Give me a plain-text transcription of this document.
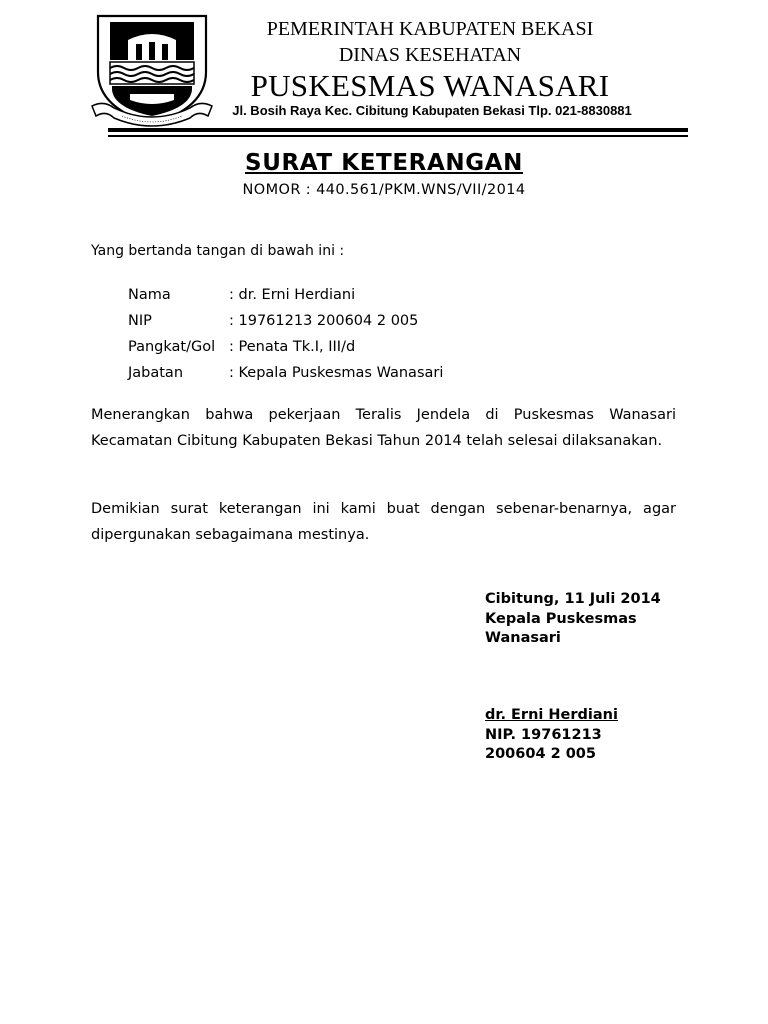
PEMERINTAH KABUPATEN BEKASI
DINAS KESEHATAN
PUSKESMAS WANASARI
Jl. Bosih Raya Kec. Cibitung Kabupaten Bekasi Tlp. 021-8830881
SURAT KETERANGAN
NOMOR : 440.561/PKM.WNS/VII/2014
Yang bertanda tangan di bawah ini :
Nama	: dr. Erni Herdiani
NIP	: 19761213 200604 2 005
Pangkat/Gol : Penata Tk.I, III/d
Jabatan	: Kepala Puskesmas Wanasari
Menerangkan bahwa pekerjaan Teralis Jendela di Puskesmas Wanasari Kecamatan Cibitung Kabupaten Bekasi Tahun 2014 telah selesai dilaksanakan.
Demikian surat keterangan ini kami buat dengan sebenar-benarnya, agar dipergunakan sebagaimana mestinya.
Cibitung, 11 Juli 2014
Kepala Puskesmas
Wanasari
dr. Erni Herdiani
NIP. 19761213
200604 2 005
